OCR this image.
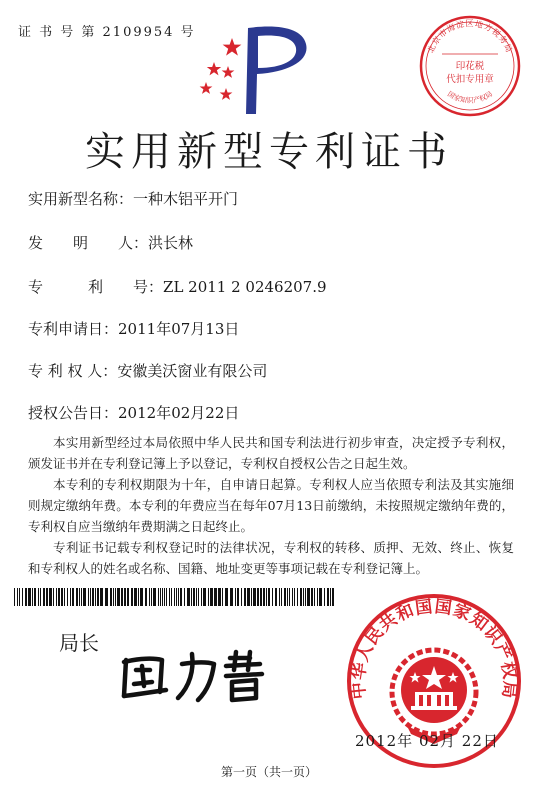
证 书 号 第 2109954 号
北京市海淀区地方税务局
印花税
代扣专用章
国家知识产权局
实用新型专利证书
实用新型名称：一种木铝平开门
发　　明　　人：洪长林
专　　　利　　号：ZL 2011 2 0246207.9
专利申请日：2011年07月13日
专 利 权 人：安徽美沃窗业有限公司
授权公告日：2012年02月22日

本实用新型经过本局依照中华人民共和国专利法进行初步审查，决定授予专利权，颁发证书并在专利登记簿上予以登记，专利权自授权公告之日起生效。

本专利的专利权期限为十年，自申请日起算。专利权人应当依照专利法及其实施细则规定缴纳年费。本专利的年费应当在每年07月13日前缴纳，未按照规定缴纳年费的，专利权自应当缴纳年费期满之日起终止。

专利证书记载专利权登记时的法律状况，专利权的转移、质押、无效、终止、恢复和专利权人的姓名或名称、国籍、地址变更等事项记载在专利登记簿上。

局长
中华人民共和国国家知识产权局
2012年 02月 22日
第一页（共一页）
